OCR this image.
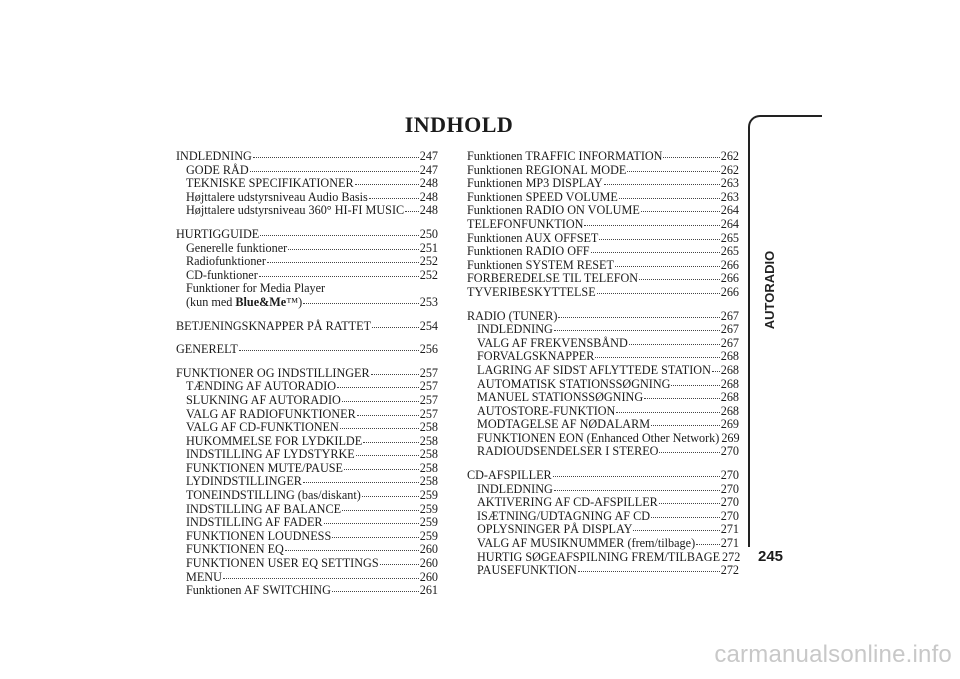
INDHOLD
INDLEDNING	247
GODE RÅD	247
TEKNISKE SPECIFIKATIONER	248
Højttalere udstyrsniveau Audio Basis	248
Højttalere udstyrsniveau 360° HI-FI MUSIC 248
HURTIGGUIDE	250
Generelle funktioner	251
Radiofunktioner	252
CD-funktioner	252
Funktioner for Media Player
(kun med Blue&Me™)	253
BETJENINGSKNAPPER PÅ RATTET	254
GENERELT	256
FUNKTIONER OG INDSTILLINGER	257
TÆNDING AF AUTORADIO	257
SLUKNING AF AUTORADIO	257
VALG AF RADIOFUNKTIONER	257
VALG AF CD-FUNKTIONEN	258
HUKOMMELSE FOR LYDKILDE	258
INDSTILLING AF LYDSTYRKE	258
FUNKTIONEN MUTE/PAUSE	258
LYDINDSTILLINGER	258
TONEINDSTILLING (bas/diskant)	259
INDSTILLING AF BALANCE	259
INDSTILLING AF FADER	259
FUNKTIONEN LOUDNESS	259
FUNKTIONEN EQ	260
FUNKTIONEN USER EQ SETTINGS	260
MENU	260
Funktionen AF SWITCHING	261
Funktionen TRAFFIC INFORMATION	262
Funktionen REGIONAL MODE	262
Funktionen MP3 DISPLAY	263
Funktionen SPEED VOLUME	263
Funktionen RADIO ON VOLUME	264
TELEFONFUNKTION	264
Funktionen AUX OFFSET	265
Funktionen RADIO OFF	265
Funktionen SYSTEM RESET	266
FORBEREDELSE TIL TELEFON	266
TYVERIBESKYTTELSE	266
RADIO (TUNER)	267
INDLEDNING	267
VALG AF FREKVENSBÅND	267
FORVALGSKNAPPER	268
LAGRING AF SIDST AFLYTTEDE STATION 268
AUTOMATISK STATIONSSØGNING	268
MANUEL STATIONSSØGNING	268
AUTOSTORE-FUNKTION	268
MODTAGELSE AF NØDALARM	269
FUNKTIONEN EON (Enhanced Other Network) 269
RADIOUDSENDELSER I STEREO	270
CD-AFSPILLER	270
INDLEDNING	270
AKTIVERING AF CD-AFSPILLER	270
ISÆTNING/UDTAGNING AF CD	270
OPLYSNINGER PÅ DISPLAY	271
VALG AF MUSIKNUMMER (frem/tilbage) 271
HURTIG SØGEAFSPILNING FREM/TILBAGE 272
PAUSEFUNKTION	272
AUTORADIO
245
carmanualsonline.info
